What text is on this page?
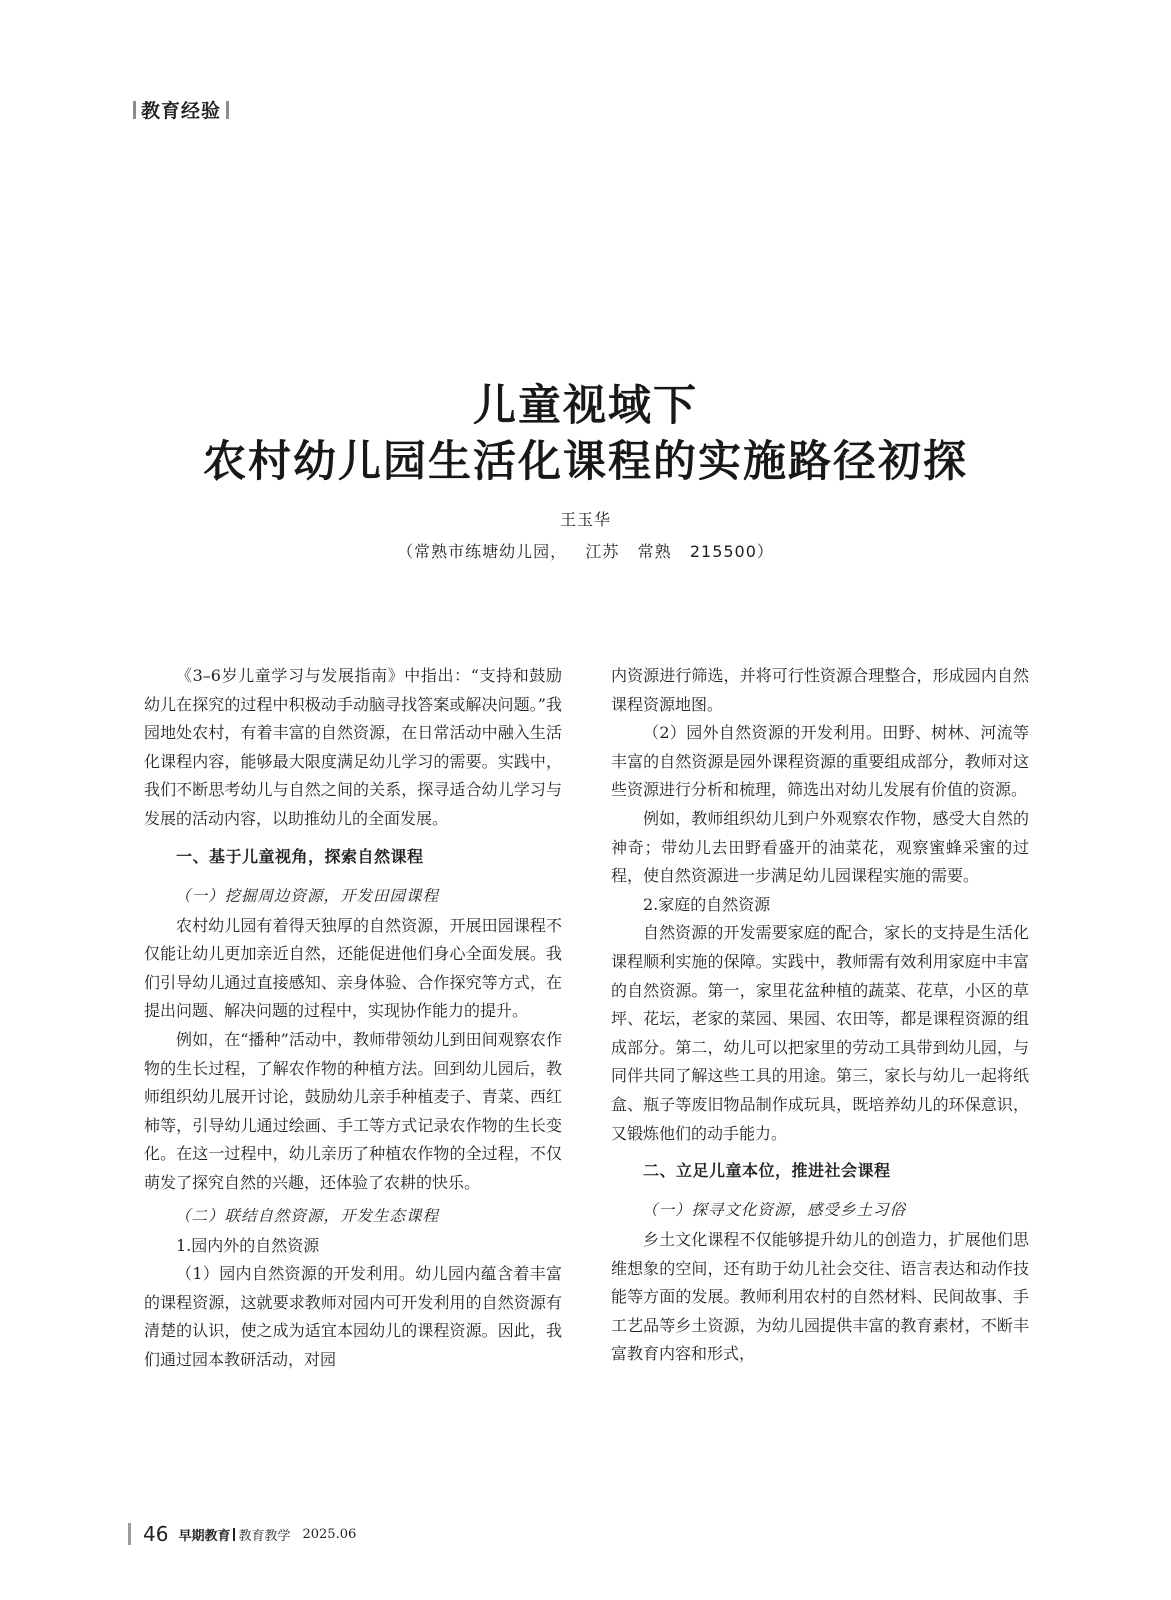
教育经验
儿童视域下
农村幼儿园生活化课程的实施路径初探
王玉华
（常熟市练塘幼儿园，   江苏   常熟   215500）

《3–6岁儿童学习与发展指南》中指出：“支持和鼓励幼儿在探究的过程中积极动手动脑寻找答案或解决问题。”我园地处农村，有着丰富的自然资源，在日常活动中融入生活化课程内容，能够最大限度满足幼儿学习的需要。实践中，我们不断思考幼儿与自然之间的关系，探寻适合幼儿学习与发展的活动内容，以助推幼儿的全面发展。

一、基于儿童视角，探索自然课程
（一）挖掘周边资源，开发田园课程

农村幼儿园有着得天独厚的自然资源，开展田园课程不仅能让幼儿更加亲近自然，还能促进他们身心全面发展。我们引导幼儿通过直接感知、亲身体验、合作探究等方式，在提出问题、解决问题的过程中，实现协作能力的提升。

例如，在“播种”活动中，教师带领幼儿到田间观察农作物的生长过程，了解农作物的种植方法。回到幼儿园后，教师组织幼儿展开讨论，鼓励幼儿亲手种植麦子、青菜、西红柿等，引导幼儿通过绘画、手工等方式记录农作物的生长变化。在这一过程中，幼儿亲历了种植农作物的全过程，不仅萌发了探究自然的兴趣，还体验了农耕的快乐。

（二）联结自然资源，开发生态课程

1.园内外的自然资源

（1）园内自然资源的开发利用。幼儿园内蕴含着丰富的课程资源，这就要求教师对园内可开发利用的自然资源有清楚的认识，使之成为适宜本园幼儿的课程资源。因此，我们通过园本教研活动，对园

内资源进行筛选，并将可行性资源合理整合，形成园内自然课程资源地图。

（2）园外自然资源的开发利用。田野、树林、河流等丰富的自然资源是园外课程资源的重要组成部分，教师对这些资源进行分析和梳理，筛选出对幼儿发展有价值的资源。

例如，教师组织幼儿到户外观察农作物，感受大自然的神奇；带幼儿去田野看盛开的油菜花，观察蜜蜂采蜜的过程，使自然资源进一步满足幼儿园课程实施的需要。

2.家庭的自然资源

自然资源的开发需要家庭的配合，家长的支持是生活化课程顺利实施的保障。实践中，教师需有效利用家庭中丰富的自然资源。第一，家里花盆种植的蔬菜、花草，小区的草坪、花坛，老家的菜园、果园、农田等，都是课程资源的组成部分。第二，幼儿可以把家里的劳动工具带到幼儿园，与同伴共同了解这些工具的用途。第三，家长与幼儿一起将纸盒、瓶子等废旧物品制作成玩具，既培养幼儿的环保意识，又锻炼他们的动手能力。

二、立足儿童本位，推进社会课程
（一）探寻文化资源，感受乡土习俗

乡土文化课程不仅能够提升幼儿的创造力，扩展他们思维想象的空间，还有助于幼儿社会交往、语言表达和动作技能等方面的发展。教师利用农村的自然材料、民间故事、手工艺品等乡土资源，为幼儿园提供丰富的教育素材，不断丰富教育内容和形式，

46 早期教育 教育教学 2025.06
